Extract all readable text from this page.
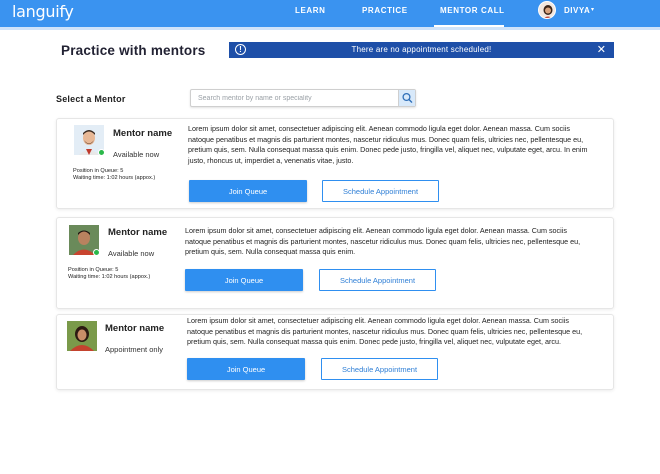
languify	LEARN	PRACTICE	MENTOR CALL	DIVYA ▾
Practice with mentors	!	There are no appointment scheduled!	✕
Select a Mentor
Search mentor by name or speciality
Mentor name
Available now
Position in Queue: 5
Waiting time: 1:02 hours (appox.)

Lorem ipsum dolor sit amet, consectetuer adipiscing elit. Aenean commodo ligula eget dolor. Aenean massa. Cum sociis natoque penatibus et magnis dis parturient montes, nascetur ridiculus mus. Donec quam felis, ultricies nec, pellentesque eu, pretium quis, sem. Nulla consequat massa quis enim. Donec pede justo, fringilla vel, aliquet nec, vulputate eget, arcu. In enim justo, rhoncus ut, imperdiet a, venenatis vitae, justo.

Join Queue	Schedule Appointment
Mentor name
Available now
Position in Queue: 5
Waiting time: 1:02 hours (appox.)

Lorem ipsum dolor sit amet, consectetuer adipiscing elit. Aenean commodo ligula eget dolor. Aenean massa. Cum sociis natoque penatibus et magnis dis parturient montes, nascetur ridiculus mus. Donec quam felis, ultricies nec, pellentesque eu, pretium quis, sem. Nulla consequat massa quis enim.

Join Queue	Schedule Appointment
Mentor name
Appointment only

Lorem ipsum dolor sit amet, consectetuer adipiscing elit. Aenean commodo ligula eget dolor. Aenean massa. Cum sociis natoque penatibus et magnis dis parturient montes, nascetur ridiculus mus. Donec quam felis, ultricies nec, pellentesque eu, pretium quis, sem. Nulla consequat massa quis enim. Donec pede justo, fringilla vel, aliquet nec, vulputate eget, arcu.

Join Queue	Schedule Appointment
